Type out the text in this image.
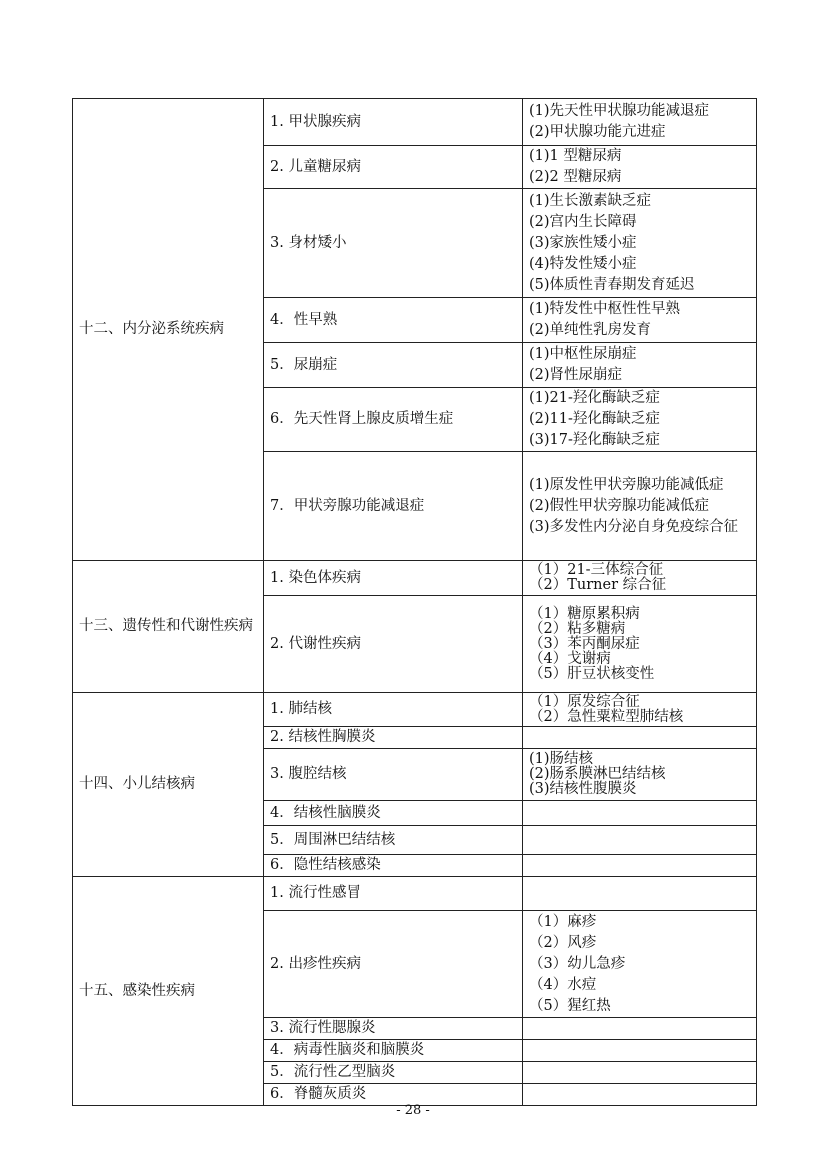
十二、内分泌系统疾病	1. 甲状腺疾病	(1)先天性甲状腺功能减退症
(2)甲状腺功能亢进症

	2. 儿童糖尿病	(1)1 型糖尿病
(2)2 型糖尿病

	3. 身材矮小	(1)生长激素缺乏症
(2)宫内生长障碍
(3)家族性矮小症
(4)特发性矮小症
(5)体质性青春期发育延迟

	4．性早熟	(1)特发性中枢性性早熟
(2)单纯性乳房发育

	5．尿崩症	(1)中枢性尿崩症
(2)肾性尿崩症

	6．先天性肾上腺皮质增生症	(1)21-羟化酶缺乏症
(2)11-羟化酶缺乏症
(3)17-羟化酶缺乏症

	7．甲状旁腺功能减退症	(1)原发性甲状旁腺功能减低症
(2)假性甲状旁腺功能减低症
(3)多发性内分泌自身免疫综合征

十三、遗传性和代谢性疾病	1. 染色体疾病	（1）21-三体综合征
（2）Turner 综合征

	2. 代谢性疾病	（1）糖原累积病
（2）粘多糖病
（3）苯丙酮尿症
（4）戈谢病
（5）肝豆状核变性

十四、小儿结核病	1. 肺结核	（1）原发综合征
（2）急性粟粒型肺结核

	2. 结核性胸膜炎	
	3. 腹腔结核	(1)肠结核
(2)肠系膜淋巴结结核
(3)结核性腹膜炎

	4．结核性脑膜炎	
	5．周围淋巴结结核	
	6．隐性结核感染	
十五、感染性疾病	1. 流行性感冒	
	2. 出疹性疾病	（1）麻疹
（2）风疹
（3）幼儿急疹
（4）水痘
（5）猩红热

	3. 流行性腮腺炎	
	4．病毒性脑炎和脑膜炎	
	5．流行性乙型脑炎	
	6．脊髓灰质炎	
- 28 -
